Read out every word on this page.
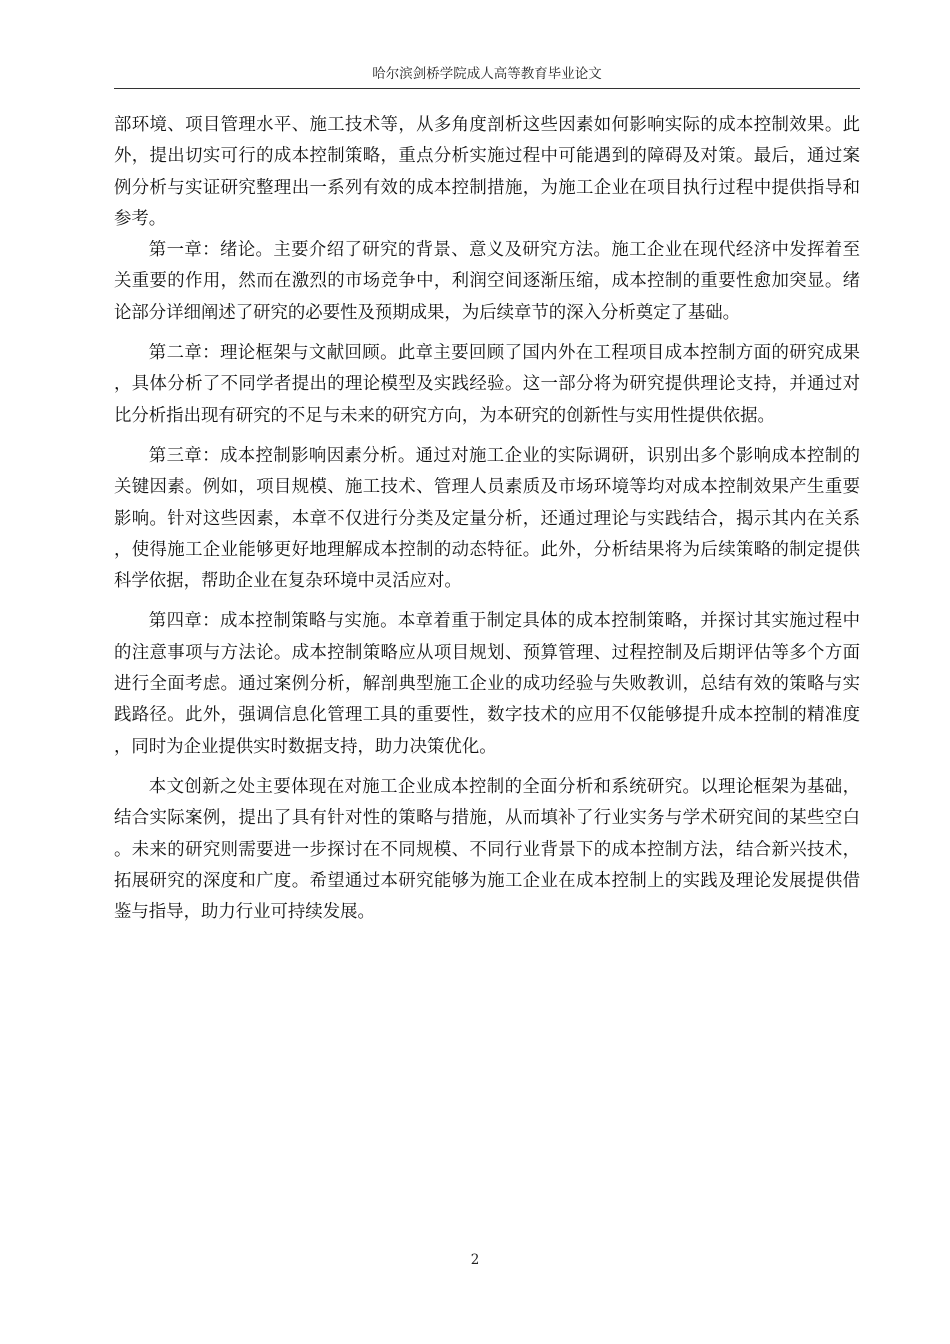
哈尔滨剑桥学院成人高等教育毕业论文

部环境、项目管理水平、施工技术等，从多角度剖析这些因素如何影响实际的成本控制效果。此外，提出切实可行的成本控制策略，重点分析实施过程中可能遇到的障碍及对策。最后，通过案例分析与实证研究整理出一系列有效的成本控制措施，为施工企业在项目执行过程中提供指导和参考。

第一章：绪论。主要介绍了研究的背景、意义及研究方法。施工企业在现代经济中发挥着至关重要的作用，然而在激烈的市场竞争中，利润空间逐渐压缩，成本控制的重要性愈加突显。绪论部分详细阐述了研究的必要性及预期成果，为后续章节的深入分析奠定了基础。

第二章：理论框架与文献回顾。此章主要回顾了国内外在工程项目成本控制方面的研究成果，具体分析了不同学者提出的理论模型及实践经验。这一部分将为研究提供理论支持，并通过对比分析指出现有研究的不足与未来的研究方向，为本研究的创新性与实用性提供依据。

第三章：成本控制影响因素分析。通过对施工企业的实际调研，识别出多个影响成本控制的关键因素。例如，项目规模、施工技术、管理人员素质及市场环境等均对成本控制效果产生重要影响。针对这些因素，本章不仅进行分类及定量分析，还通过理论与实践结合，揭示其内在关系，使得施工企业能够更好地理解成本控制的动态特征。此外，分析结果将为后续策略的制定提供科学依据，帮助企业在复杂环境中灵活应对。

第四章：成本控制策略与实施。本章着重于制定具体的成本控制策略，并探讨其实施过程中的注意事项与方法论。成本控制策略应从项目规划、预算管理、过程控制及后期评估等多个方面进行全面考虑。通过案例分析，解剖典型施工企业的成功经验与失败教训，总结有效的策略与实践路径。此外，强调信息化管理工具的重要性，数字技术的应用不仅能够提升成本控制的精准度，同时为企业提供实时数据支持，助力决策优化。

本文创新之处主要体现在对施工企业成本控制的全面分析和系统研究。以理论框架为基础，结合实际案例，提出了具有针对性的策略与措施，从而填补了行业实务与学术研究间的某些空白。未来的研究则需要进一步探讨在不同规模、不同行业背景下的成本控制方法，结合新兴技术，拓展研究的深度和广度。希望通过本研究能够为施工企业在成本控制上的实践及理论发展提供借鉴与指导，助力行业可持续发展。

2
